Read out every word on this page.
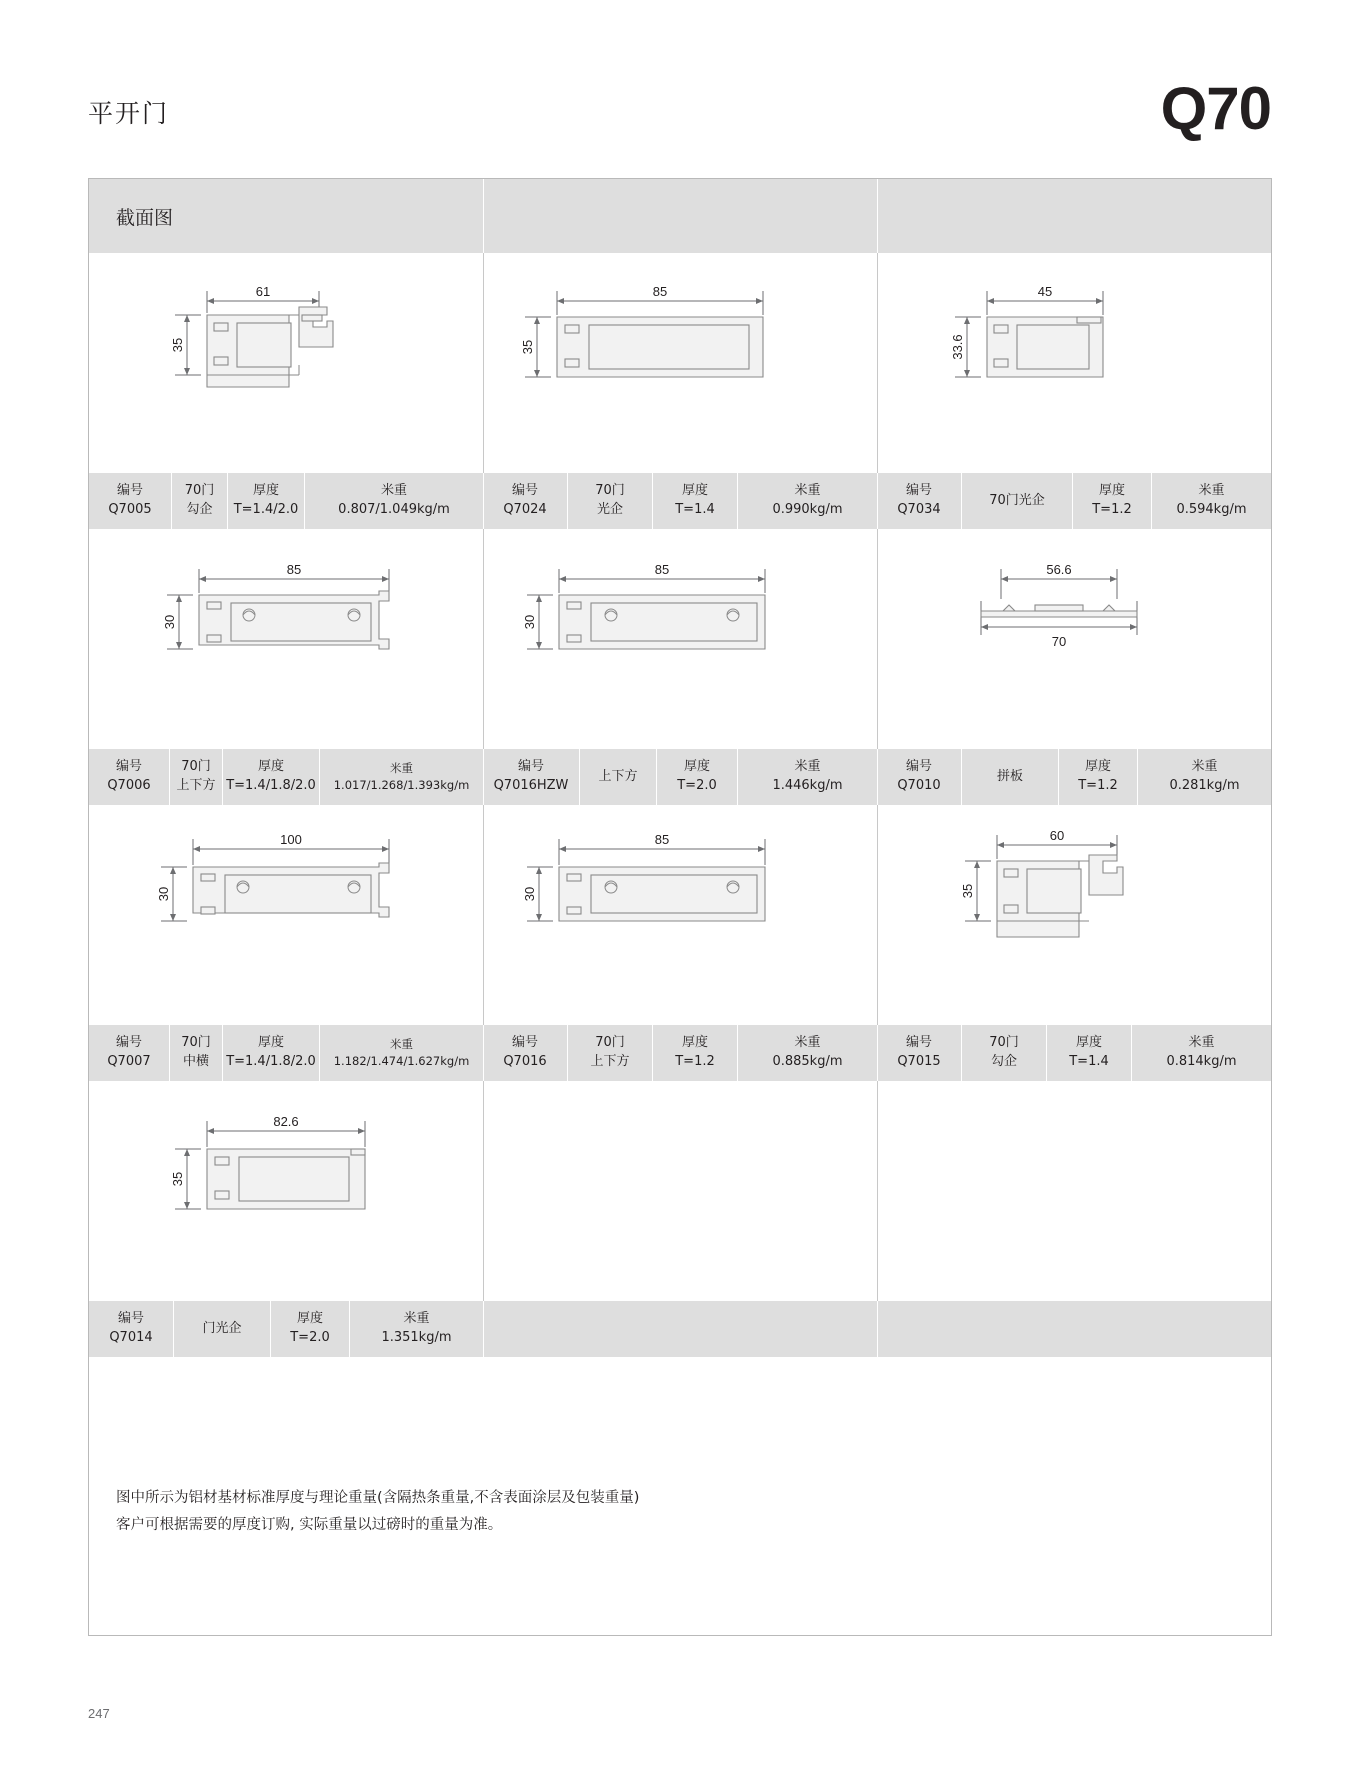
平开门	Q70
截面图
61
35
85
35
45
33.6
编号
Q7005
70门
勾企
厚度
T=1.4/2.0
米重
0.807/1.049kg/m
编号
Q7024
70门
光企
厚度
T=1.4
米重
0.990kg/m
编号
Q7034
70门光企
厚度
T=1.2
米重
0.594kg/m
85
30
85
30
56.6
70
编号
Q7006
70门
上下方
厚度
T=1.4/1.8/2.0
米重
1.017/1.268/1.393kg/m
编号
Q7016HZW
上下方
厚度
T=2.0
米重
1.446kg/m
编号
Q7010
拼板
厚度
T=1.2
米重
0.281kg/m
100
30
85
30
60
35
编号
Q7007
70门
中横
厚度
T=1.4/1.8/2.0
米重
1.182/1.474/1.627kg/m
编号
Q7016
70门
上下方
厚度
T=1.2
米重
0.885kg/m
编号
Q7015
70门
勾企
厚度
T=1.4
米重
0.814kg/m
82.6
35
编号
Q7014
门光企
厚度
T=2.0
米重
1.351kg/m
图中所示为铝材基材标准厚度与理论重量(含隔热条重量,不含表面涂层及包装重量)
客户可根据需要的厚度订购, 实际重量以过磅时的重量为准。
247
